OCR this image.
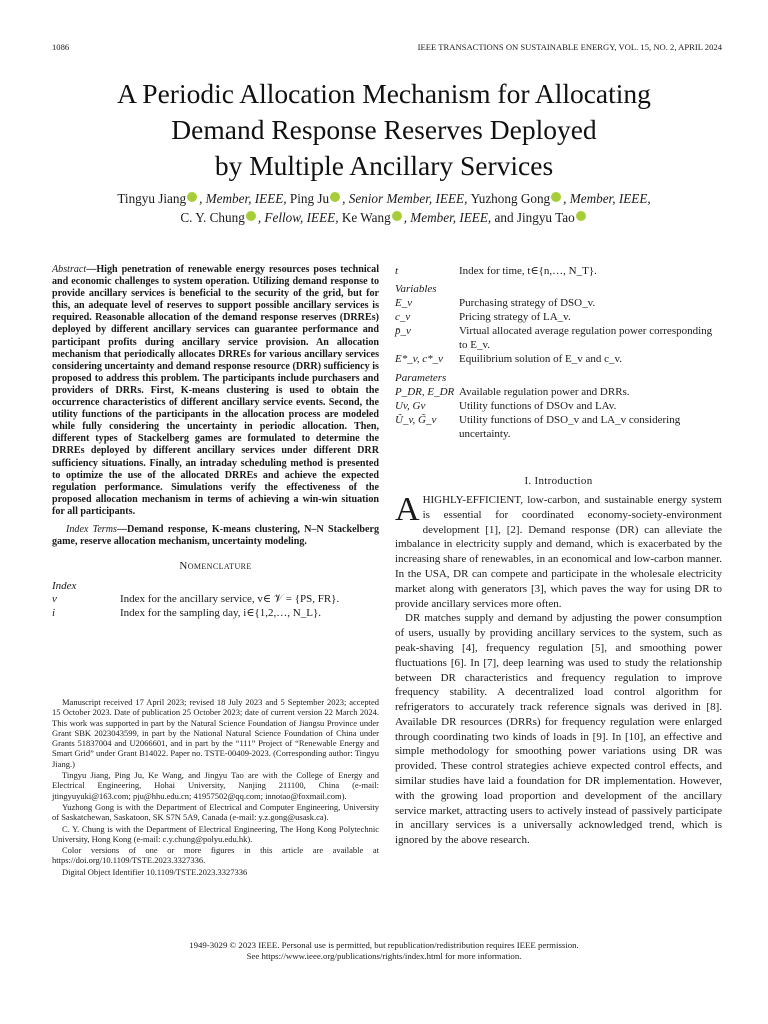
1086	IEEE TRANSACTIONS ON SUSTAINABLE ENERGY, VOL. 15, NO. 2, APRIL 2024
A Periodic Allocation Mechanism for Allocating
Demand Response Reserves Deployed
by Multiple Ancillary Services
Tingyu Jiang , Member, IEEE, Ping Ju , Senior Member, IEEE, Yuzhong Gong , Member, IEEE,
C. Y. Chung , Fellow, IEEE, Ke Wang , Member, IEEE, and Jingyu Tao
Abstract—High penetration of renewable energy resources poses technical and economic challenges to system operation. Utilizing demand response to provide ancillary services is beneficial to the security of the grid, but for this, an adequate level of reserves to support possible ancillary services is required. Reasonable allocation of the demand response reserves (DRREs) deployed by different ancillary services can guarantee performance and participant profits during ancillary service provision. An allocation mechanism that periodically allocates DRREs for various ancillary services considering uncertainty and demand response resource (DRR) sufficiency is proposed to address this problem. The participants include purchasers and providers of DRRs. First, K-means clustering is used to obtain the occurrence characteristics of different ancillary service events. Second, the utility functions of the participants in the allocation process are modeled while fully considering the uncertainty in periodic allocation. Then, different types of Stackelberg games are formulated to determine the DRREs deployed by different ancillary services under different DRR sufficiency situations. Finally, an intraday scheduling method is presented to optimize the use of the allocated DRREs and achieve the expected regulation performance. Simulations verify the effectiveness of the proposed allocation mechanism in terms of achieving a win-win situation for all participants.
Index Terms—Demand response, K-means clustering, N–N Stackelberg game, reserve allocation mechanism, uncertainty modeling.
Nomenclature
Index
v	Index for the ancillary service, v∈ 𝒱 = {PS, FR}.
i	Index for the sampling day, i∈{1,2,…, N_L}.

Manuscript received 17 April 2023; revised 18 July 2023 and 5 September 2023; accepted 15 October 2023. Date of publication 25 October 2023; date of current version 22 March 2024. This work was supported in part by the Natural Science Foundation of Jiangsu Province under Grant SBK 2023043599, in part by the National Natural Science Foundation of China under Grants 51837004 and U2066601, and in part by the “111” Project of “Renewable Energy and Smart Grid” under Grant B14022. Paper no. TSTE-00409-2023. (Corresponding author: Tingyu Jiang.)

Tingyu Jiang, Ping Ju, Ke Wang, and Jingyu Tao are with the College of Energy and Electrical Engineering, Hohai University, Nanjing 211100, China (e-mail: jtingyuyuki@163.com; pju@hhu.edu.cn; 41957502@qq.com; innotao@foxmail.com).

Yuzhong Gong is with the Department of Electrical and Computer Engineering, University of Saskatchewan, Saskatoon, SK S7N 5A9, Canada (e-mail: y.z.gong@usask.ca).

C. Y. Chung is with the Department of Electrical Engineering, The Hong Kong Polytechnic University, Hong Kong (e-mail: c.y.chung@polyu.edu.hk).

Color versions of one or more figures in this article are available at https://doi.org/10.1109/TSTE.2023.3327336.

Digital Object Identifier 10.1109/TSTE.2023.3327336

t	Index for time, t∈{n,…, N_T}.
Variables
E_v	Purchasing strategy of DSO_v.
c_v	Pricing strategy of LA_v.
p̄_v	Virtual allocated average regulation power corresponding to E_v.
E*_v, c*_v	Equilibrium solution of E_v and c_v.
Parameters
P_DR, E_DR Available regulation power and DRRs.
Uv, Gv	Utility functions of DSOv and LAv.
Ũ_v, G̃_v	Utility functions of DSO_v and LA_v considering uncertainty.
I. Introduction

AHIGHLY-EFFICIENT, low-carbon, and sustainable energy system is essential for coordinated economy-society-environment development [1], [2]. Demand response (DR) can alleviate the imbalance in electricity supply and demand, which is exacerbated by the increasing share of renewables, in an economical and low-carbon manner. In the USA, DR can compete and participate in the wholesale electricity market along with generators [3], which paves the way for using DR to provide ancillary services more often.

DR matches supply and demand by adjusting the power consumption of users, usually by providing ancillary services to the system, such as peak-shaving [4], frequency regulation [5], and smoothing power fluctuations [6]. In [7], deep learning was used to study the relationship between DR characteristics and frequency regulation to improve frequency stability. A decentralized load control algorithm for refrigerators to accurately track reference signals was derived in [8]. Available DR resources (DRRs) for frequency regulation were enlarged through coordinating two kinds of loads in [9]. In [10], an effective and simple methodology for smoothing power variations using DR was provided. These control strategies achieve expected control effects, and similar studies have laid a foundation for DR implementation. However, with the growing load proportion and development of the ancillary service market, attracting users to actively instead of passively participate in ancillary services is a universally acknowledged trend, which is ignored by the above research.

1949-3029 © 2023 IEEE. Personal use is permitted, but republication/redistribution requires IEEE permission.
See https://www.ieee.org/publications/rights/index.html for more information.
